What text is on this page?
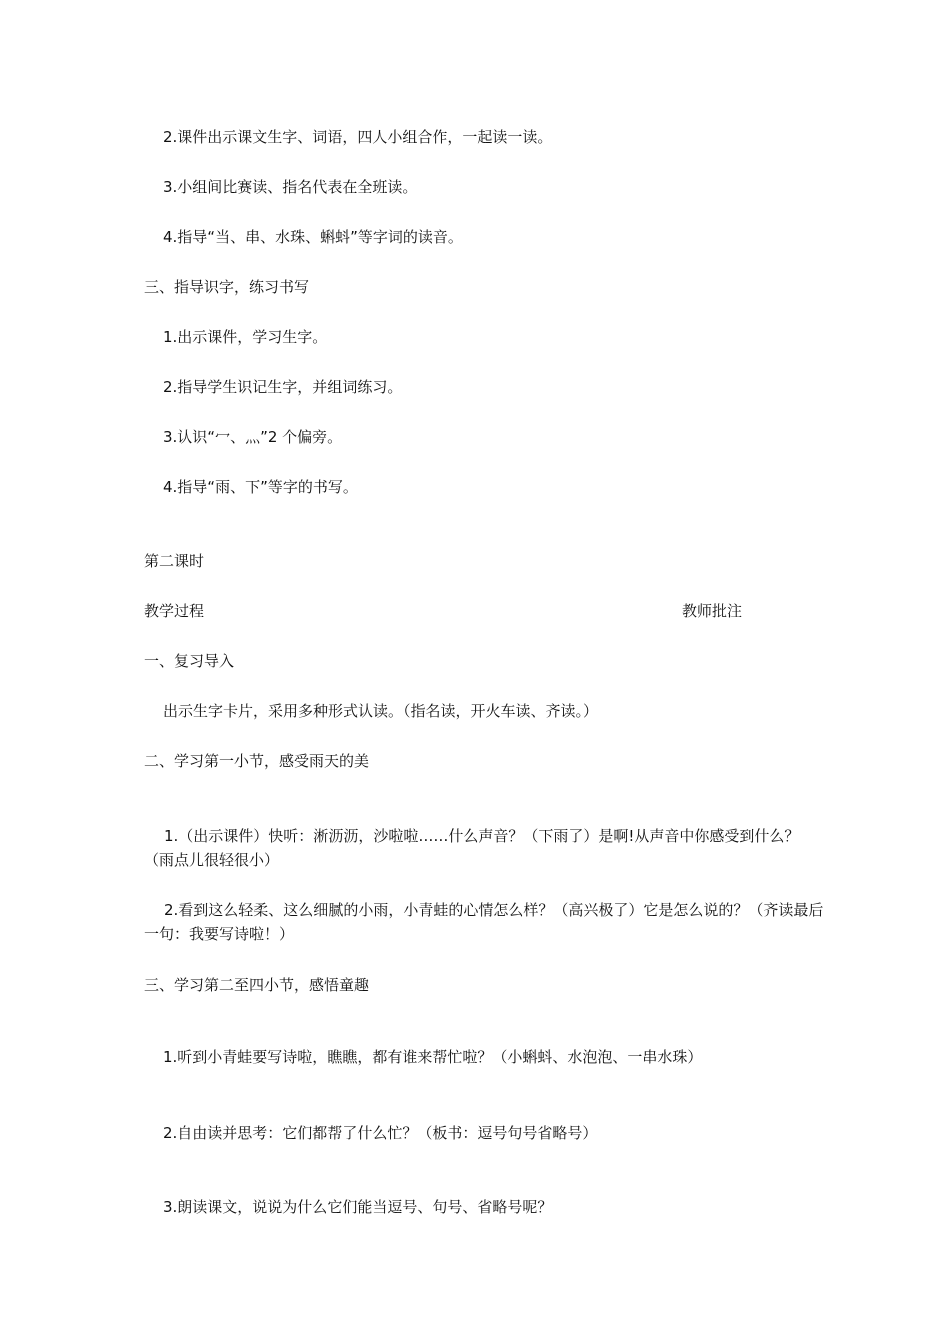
2.课件出示课文生字、词语，四人小组合作，一起读一读。
3.小组间比赛读、指名代表在全班读。
4.指导“当、串、水珠、蝌蚪”等字词的读音。
三、指导识字，练习书写
1.出示课件，学习生字。
2.指导学生识记生字，并组词练习。
3.认识“冖、灬”2 个偏旁。
4.指导“雨、下”等字的书写。
第二课时
教学过程	教师批注
一、复习导入
出示生字卡片，采用多种形式认读。（指名读，开火车读、齐读。）
二、学习第一小节，感受雨天的美
1.（出示课件）快听：淅沥沥，沙啦啦……什么声音？（下雨了）是啊!从声音中你感受到什么？（雨点儿很轻很小）
2.看到这么轻柔、这么细腻的小雨，小青蛙的心情怎么样？（高兴极了）它是怎么说的？（齐读最后一句：我要写诗啦！）
三、学习第二至四小节，感悟童趣
1.听到小青蛙要写诗啦，瞧瞧，都有谁来帮忙啦？（小蝌蚪、水泡泡、一串水珠）
2.自由读并思考：它们都帮了什么忙？（板书：逗号句号省略号）
3.朗读课文，说说为什么它们能当逗号、句号、省略号呢？
